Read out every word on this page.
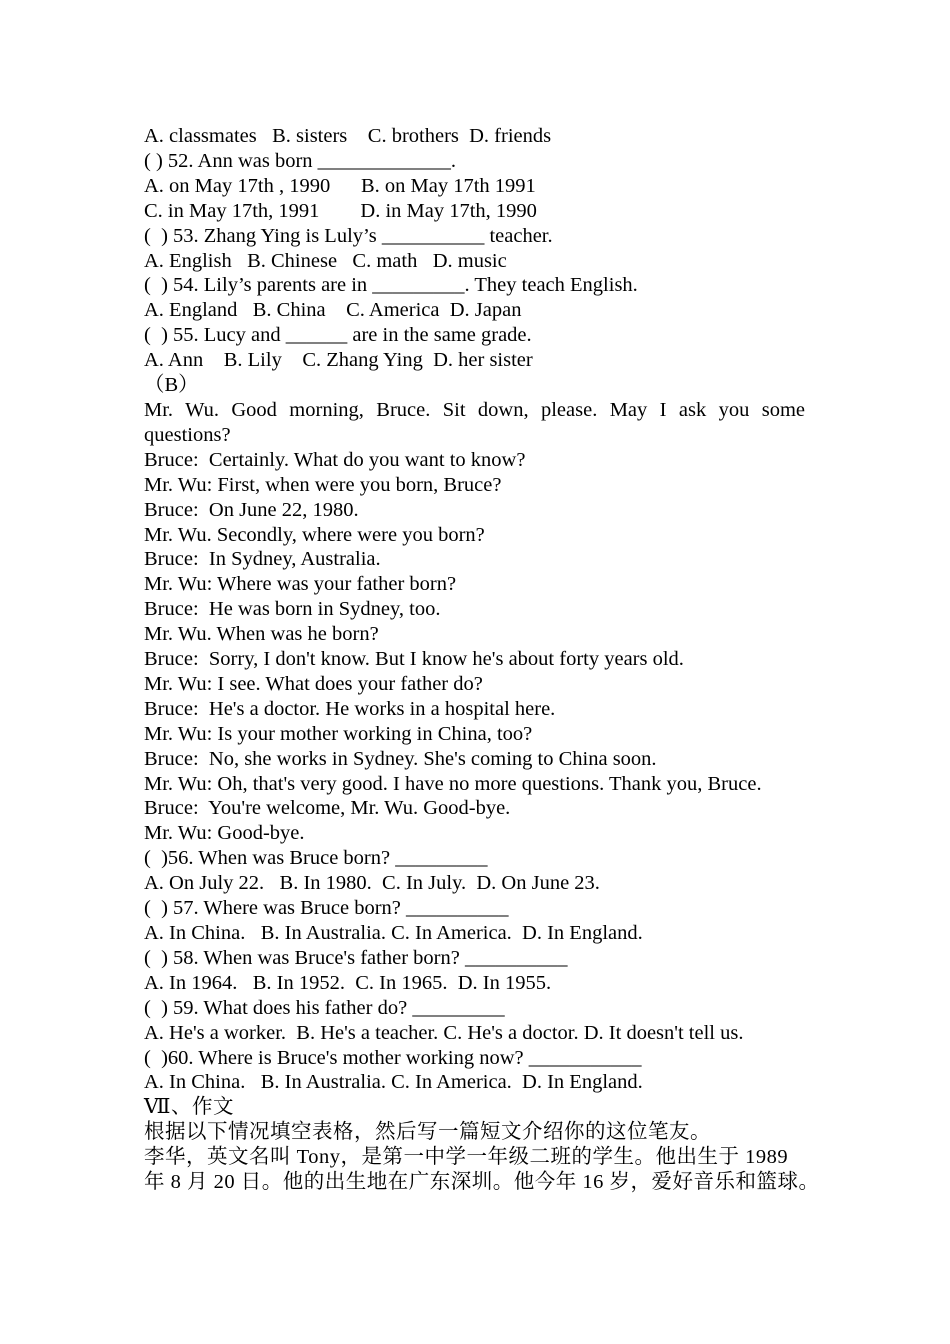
A. classmates   B. sisters    C. brothers  D. friends
( ) 52. Ann was born _____________.
A. on May 17th , 1990      B. on May 17th 1991
C. in May 17th, 1991        D. in May 17th, 1990
(  ) 53. Zhang Ying is Luly’s __________ teacher.
A. English   B. Chinese   C. math   D. music
(  ) 54. Lily’s parents are in _________. They teach English.
A. England   B. China    C. America  D. Japan
(  ) 55. Lucy and ______ are in the same grade.
A. Ann    B. Lily    C. Zhang Ying  D. her sister
（B）
Mr. Wu. Good morning, Bruce. Sit down, please. May I ask you some questions?
Bruce:  Certainly. What do you want to know?
Mr. Wu: First, when were you born, Bruce?
Bruce:  On June 22, 1980.
Mr. Wu. Secondly, where were you born?
Bruce:  In Sydney, Australia.
Mr. Wu: Where was your father born?
Bruce:  He was born in Sydney, too.
Mr. Wu. When was he born?
Bruce:  Sorry, I don't know. But I know he's about forty years old.
Mr. Wu: I see. What does your father do?
Bruce:  He's a doctor. He works in a hospital here.
Mr. Wu: Is your mother working in China, too?
Bruce:  No, she works in Sydney. She's coming to China soon.
Mr. Wu: Oh, that's very good. I have no more questions. Thank you, Bruce.
Bruce:  You're welcome, Mr. Wu. Good-bye.
Mr. Wu: Good-bye.
(  )56. When was Bruce born? _________
A. On July 22.   B. In 1980.  C. In July.  D. On June 23.
(  ) 57. Where was Bruce born? __________
A. In China.   B. In Australia. C. In America.  D. In England.
(  ) 58. When was Bruce's father born? __________
A. In 1964.   B. In 1952.  C. In 1965.  D. In 1955.
(  ) 59. What does his father do? _________
A. He's a worker.  B. He's a teacher. C. He's a doctor. D. It doesn't tell us.
(  )60. Where is Bruce's mother working now? ___________
A. In China.   B. In Australia. C. In America.  D. In England.
Ⅶ、作文
根据以下情况填空表格，然后写一篇短文介绍你的这位笔友。
李华，英文名叫 Tony，是第一中学一年级二班的学生。他出生于 1989
年 8 月 20 日。他的出生地在广东深圳。他今年 16 岁，爱好音乐和篮球。
